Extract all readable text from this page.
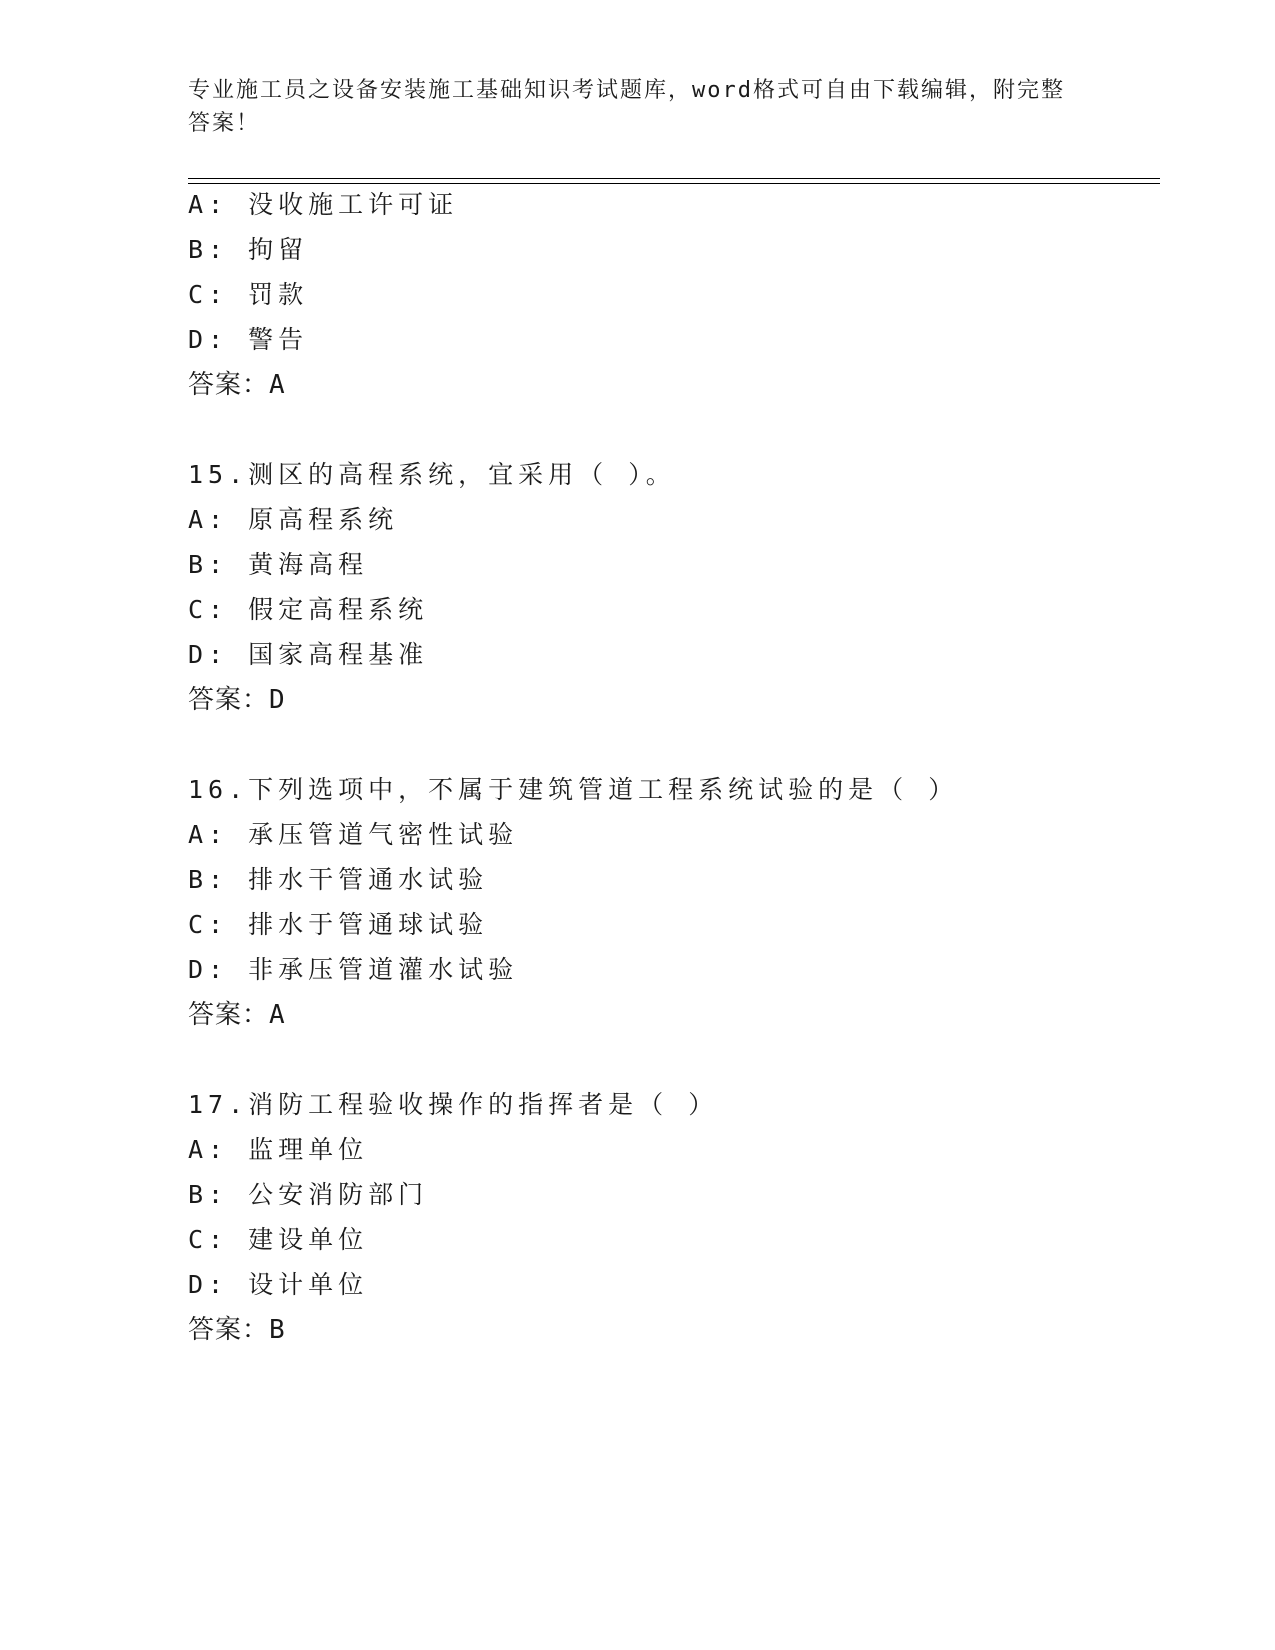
专业施工员之设备安装施工基础知识考试题库，word格式可自由下载编辑，附完整答案！
A: 没收施工许可证
B: 拘留
C: 罚款
D: 警告
答案：A
15.测区的高程系统，宜采用（ ）。
A: 原高程系统
B: 黄海高程
C: 假定高程系统
D: 国家高程基准
答案：D
16.下列选项中，不属于建筑管道工程系统试验的是（ ）
A: 承压管道气密性试验
B: 排水干管通水试验
C: 排水于管通球试验
D: 非承压管道灌水试验
答案：A
17.消防工程验收操作的指挥者是（ ）
A: 监理单位
B: 公安消防部门
C: 建设单位
D: 设计单位
答案：B
